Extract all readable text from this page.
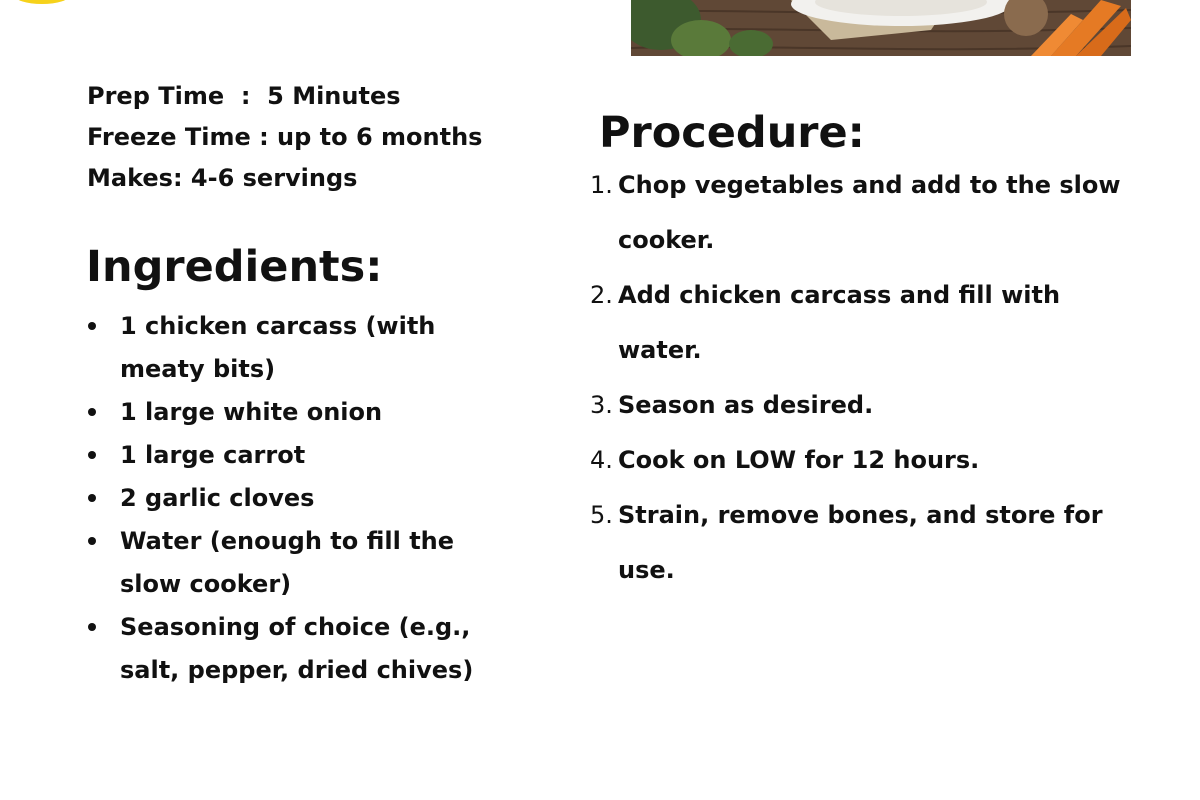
Prep Time  :  5 Minutes
Freeze Time : up to 6 months
Makes: 4-6 servings
Ingredients:
1 chicken carcass (with meaty bits)
1 large white onion
1 large carrot
2 garlic cloves
Water (enough to fill the slow cooker)
Seasoning of choice (e.g., salt, pepper, dried chives)
Procedure:
1. Chop vegetables and add to the slow cooker.
2. Add chicken carcass and fill with water.
3. Season as desired.
4. Cook on LOW for 12 hours.
5. Strain, remove bones, and store for use.
